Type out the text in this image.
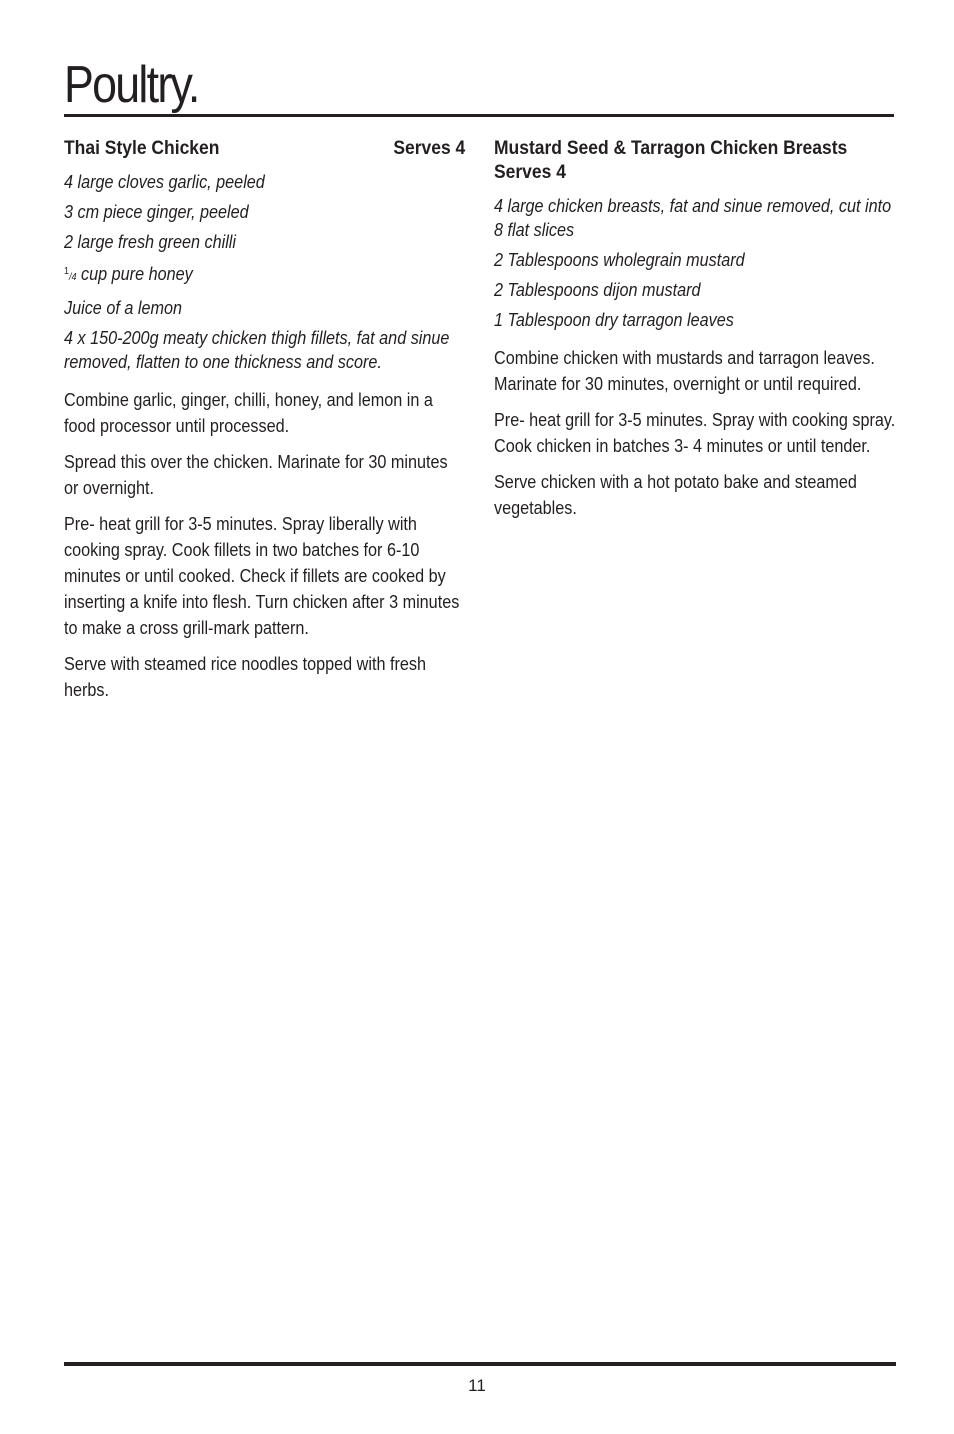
Poultry.
Thai Style Chicken	Serves 4
4 large cloves garlic, peeled
3 cm piece ginger, peeled
2 large fresh green chilli
$^1$/4 cup pure honey
Juice of a lemon
4 x 150-200g meaty chicken thigh fillets, fat and sinue removed, flatten to one thickness and score.

Combine garlic, ginger, chilli, honey, and lemon in a food processor until processed.

Spread this over the chicken. Marinate for 30 minutes or overnight.

Pre- heat grill for 3-5 minutes. Spray liberally with cooking spray. Cook fillets in two batches for 6-10 minutes or until cooked. Check if fillets are cooked by inserting a knife into flesh. Turn chicken after 3 minutes to make a cross grill-mark pattern.

Serve with steamed rice noodles topped with fresh herbs.

Mustard Seed & Tarragon Chicken Breasts
Serves 4
4 large chicken breasts, fat and sinue removed, cut into 8 flat slices
2 Tablespoons wholegrain mustard
2 Tablespoons dijon mustard
1 Tablespoon dry tarragon leaves

Combine chicken with mustards and tarragon leaves. Marinate for 30 minutes, overnight or until required.

Pre- heat grill for 3-5 minutes. Spray with cooking spray. Cook chicken in batches 3- 4 minutes or until tender.

Serve chicken with a hot potato bake and steamed vegetables.

11
